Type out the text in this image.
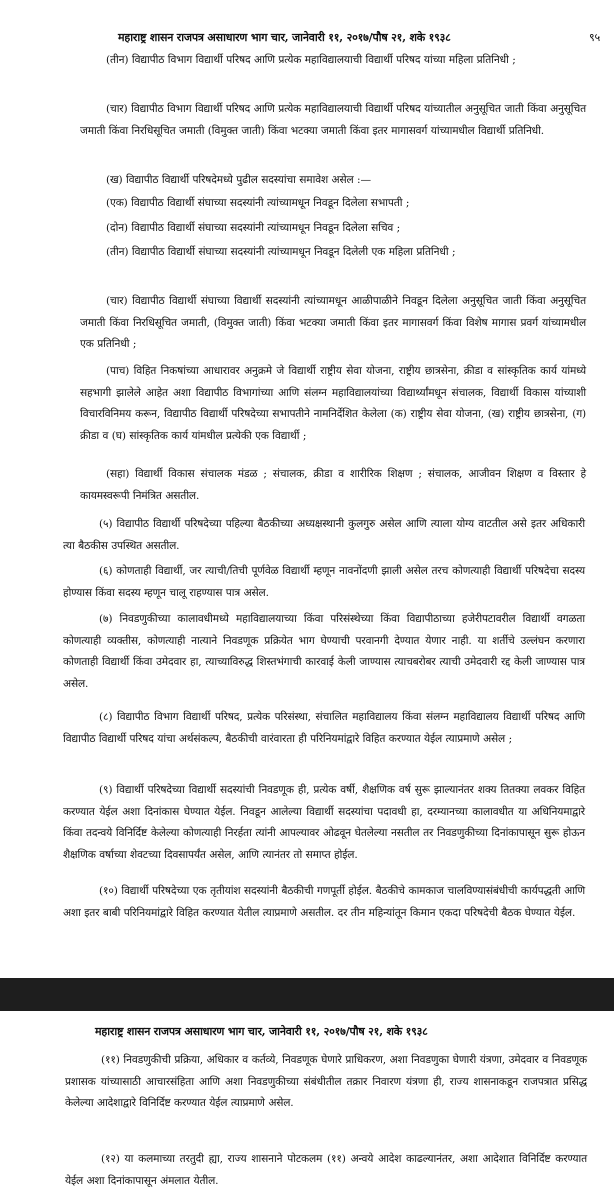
महाराष्ट्र शासन राजपत्र असाधारण भाग चार, जानेवारी ११, २०१७/पौष २१, शके १९३८	९५
(तीन) विद्यापीठ विभाग विद्यार्थी परिषद आणि प्रत्येक महाविद्यालयाची विद्यार्थी परिषद यांच्या महिला प्रतिनिधी ;
(चार) विद्यापीठ विभाग विद्यार्थी परिषद आणि प्रत्येक महाविद्यालयाची विद्यार्थी परिषद यांच्यातील अनुसूचित जाती किंवा अनुसूचित जमाती किंवा निरधिसूचित जमाती (विमुक्त जाती) किंवा भटक्या जमाती किंवा इतर मागासवर्ग यांच्यामधील विद्यार्थी प्रतिनिधी.
(ख) विद्यापीठ विद्यार्थी परिषदेमध्ये पुढील सदस्यांचा समावेश असेल :—
(एक) विद्यापीठ विद्यार्थी संघाच्या सदस्यांनी त्यांच्यामधून निवडून दिलेला सभापती ;
(दोन) विद्यापीठ विद्यार्थी संघाच्या सदस्यांनी त्यांच्यामधून निवडून दिलेला सचिव ;
(तीन) विद्यापीठ विद्यार्थी संघाच्या सदस्यांनी त्यांच्यामधून निवडून दिलेली एक महिला प्रतिनिधी ;
(चार) विद्यापीठ विद्यार्थी संघाच्या विद्यार्थी सदस्यांनी त्यांच्यामधून आळीपाळीने निवडून दिलेला अनुसूचित जाती किंवा अनुसूचित जमाती किंवा निरधिसूचित जमाती, (विमुक्त जाती) किंवा भटक्या जमाती किंवा इतर मागासवर्ग किंवा विशेष मागास प्रवर्ग यांच्यामधील एक प्रतिनिधी ;
(पाच) विहित निकषांच्या आधारावर अनुक्रमे जे विद्यार्थी राष्ट्रीय सेवा योजना, राष्ट्रीय छात्रसेना, क्रीडा व सांस्कृतिक कार्य यांमध्ये सहभागी झालेले आहेत अशा विद्यापीठ विभागांच्या आणि संलग्न महाविद्यालयांच्या विद्यार्थ्यांमधून संचालक, विद्यार्थी विकास यांच्याशी विचारविनिमय करून, विद्यापीठ विद्यार्थी परिषदेच्या सभापतीने नामनिर्देशित केलेला (क) राष्ट्रीय सेवा योजना, (ख) राष्ट्रीय छात्रसेना, (ग) क्रीडा व (घ) सांस्कृतिक कार्य यांमधील प्रत्येकी एक विद्यार्थी ;
(सहा) विद्यार्थी विकास संचालक मंडळ ; संचालक, क्रीडा व शारीरिक शिक्षण ; संचालक, आजीवन शिक्षण व विस्तार हे कायमस्वरूपी निमंत्रित असतील.
(५) विद्यापीठ विद्यार्थी परिषदेच्या पहिल्या बैठकीच्या अध्यक्षस्थानी कुलगुरु असेल आणि त्याला योग्य वाटतील असे इतर अधिकारी त्या बैठकीस उपस्थित असतील.
(६) कोणताही विद्यार्थी, जर त्याची/तिची पूर्णवेळ विद्यार्थी म्हणून नावनोंदणी झाली असेल तरच कोणत्याही विद्यार्थी परिषदेचा सदस्य होण्यास किंवा सदस्य म्हणून चालू राहण्यास पात्र असेल.
(७) निवडणुकीच्या कालावधीमध्ये महाविद्यालयाच्या किंवा परिसंस्थेच्या किंवा विद्यापीठाच्या हजेरीपटावरील विद्यार्थी वगळता कोणत्याही व्यक्तीस, कोणत्याही नात्याने निवडणूक प्रक्रियेत भाग घेण्याची परवानगी देण्यात येणार नाही. या शर्तीचे उल्लंघन करणारा कोणताही विद्यार्थी किंवा उमेदवार हा, त्याच्याविरुद्ध शिस्तभंगाची कारवाई केली जाण्यास त्याचबरोबर त्याची उमेदवारी रद्द केली जाण्यास पात्र असेल.
(८) विद्यापीठ विभाग विद्यार्थी परिषद, प्रत्येक परिसंस्था, संचालित महाविद्यालय किंवा संलग्न महाविद्यालय विद्यार्थी परिषद आणि विद्यापीठ विद्यार्थी परिषद यांचा अर्थसंकल्प, बैठकीची वारंवारता ही परिनियमांद्वारे विहित करण्यात येईल त्याप्रमाणे असेल ;
(९) विद्यार्थी परिषदेच्या विद्यार्थी सदस्यांची निवडणूक ही, प्रत्येक वर्षी, शैक्षणिक वर्ष सुरू झाल्यानंतर शक्य तितक्या लवकर विहित करण्यात येईल अशा दिनांकास घेण्यात येईल. निवडून आलेल्या विद्यार्थी सदस्यांचा पदावधी हा, दरम्यानच्या कालावधीत या अधिनियमाद्वारे किंवा तदन्वये विनिर्दिष्ट केलेल्या कोणत्याही निरर्हता त्यांनी आपल्यावर ओढवून घेतलेल्या नसतील तर निवडणुकीच्या दिनांकापासून सुरू होऊन शैक्षणिक वर्षाच्या शेवटच्या दिवसापर्यंत असेल, आणि त्यानंतर तो समाप्त होईल.
(१०) विद्यार्थी परिषदेच्या एक तृतीयांश सदस्यांनी बैठकीची गणपूर्ती होईल. बैठकीचे कामकाज चालविण्यासंबंधीची कार्यपद्धती आणि अशा इतर बाबी परिनियमांद्वारे विहित करण्यात येतील त्याप्रमाणे असतील. दर तीन महिन्यांतून किमान एकदा परिषदेची बैठक घेण्यात येईल.
महाराष्ट्र शासन राजपत्र असाधारण भाग चार, जानेवारी ११, २०१७/पौष २१, शके १९३८
(११) निवडणुकीची प्रक्रिया, अधिकार व कर्तव्ये, निवडणूक घेणारे प्राधिकरण, अशा निवडणुका घेणारी यंत्रणा, उमेदवार व निवडणूक प्रशासक यांच्यासाठी आचारसंहिता आणि अशा निवडणुकीच्या संबंधीतील तक्रार निवारण यंत्रणा ही, राज्य शासनाकडून राजपत्रात प्रसिद्ध केलेल्या आदेशाद्वारे विनिर्दिष्ट करण्यात येईल त्याप्रमाणे असेल.
(१२) या कलमाच्या तरतुदी ह्या, राज्य शासनाने पोटकलम (११) अन्वये आदेश काढल्यानंतर, अशा आदेशात विनिर्दिष्ट करण्यात येईल अशा दिनांकापासून अंमलात येतील.
